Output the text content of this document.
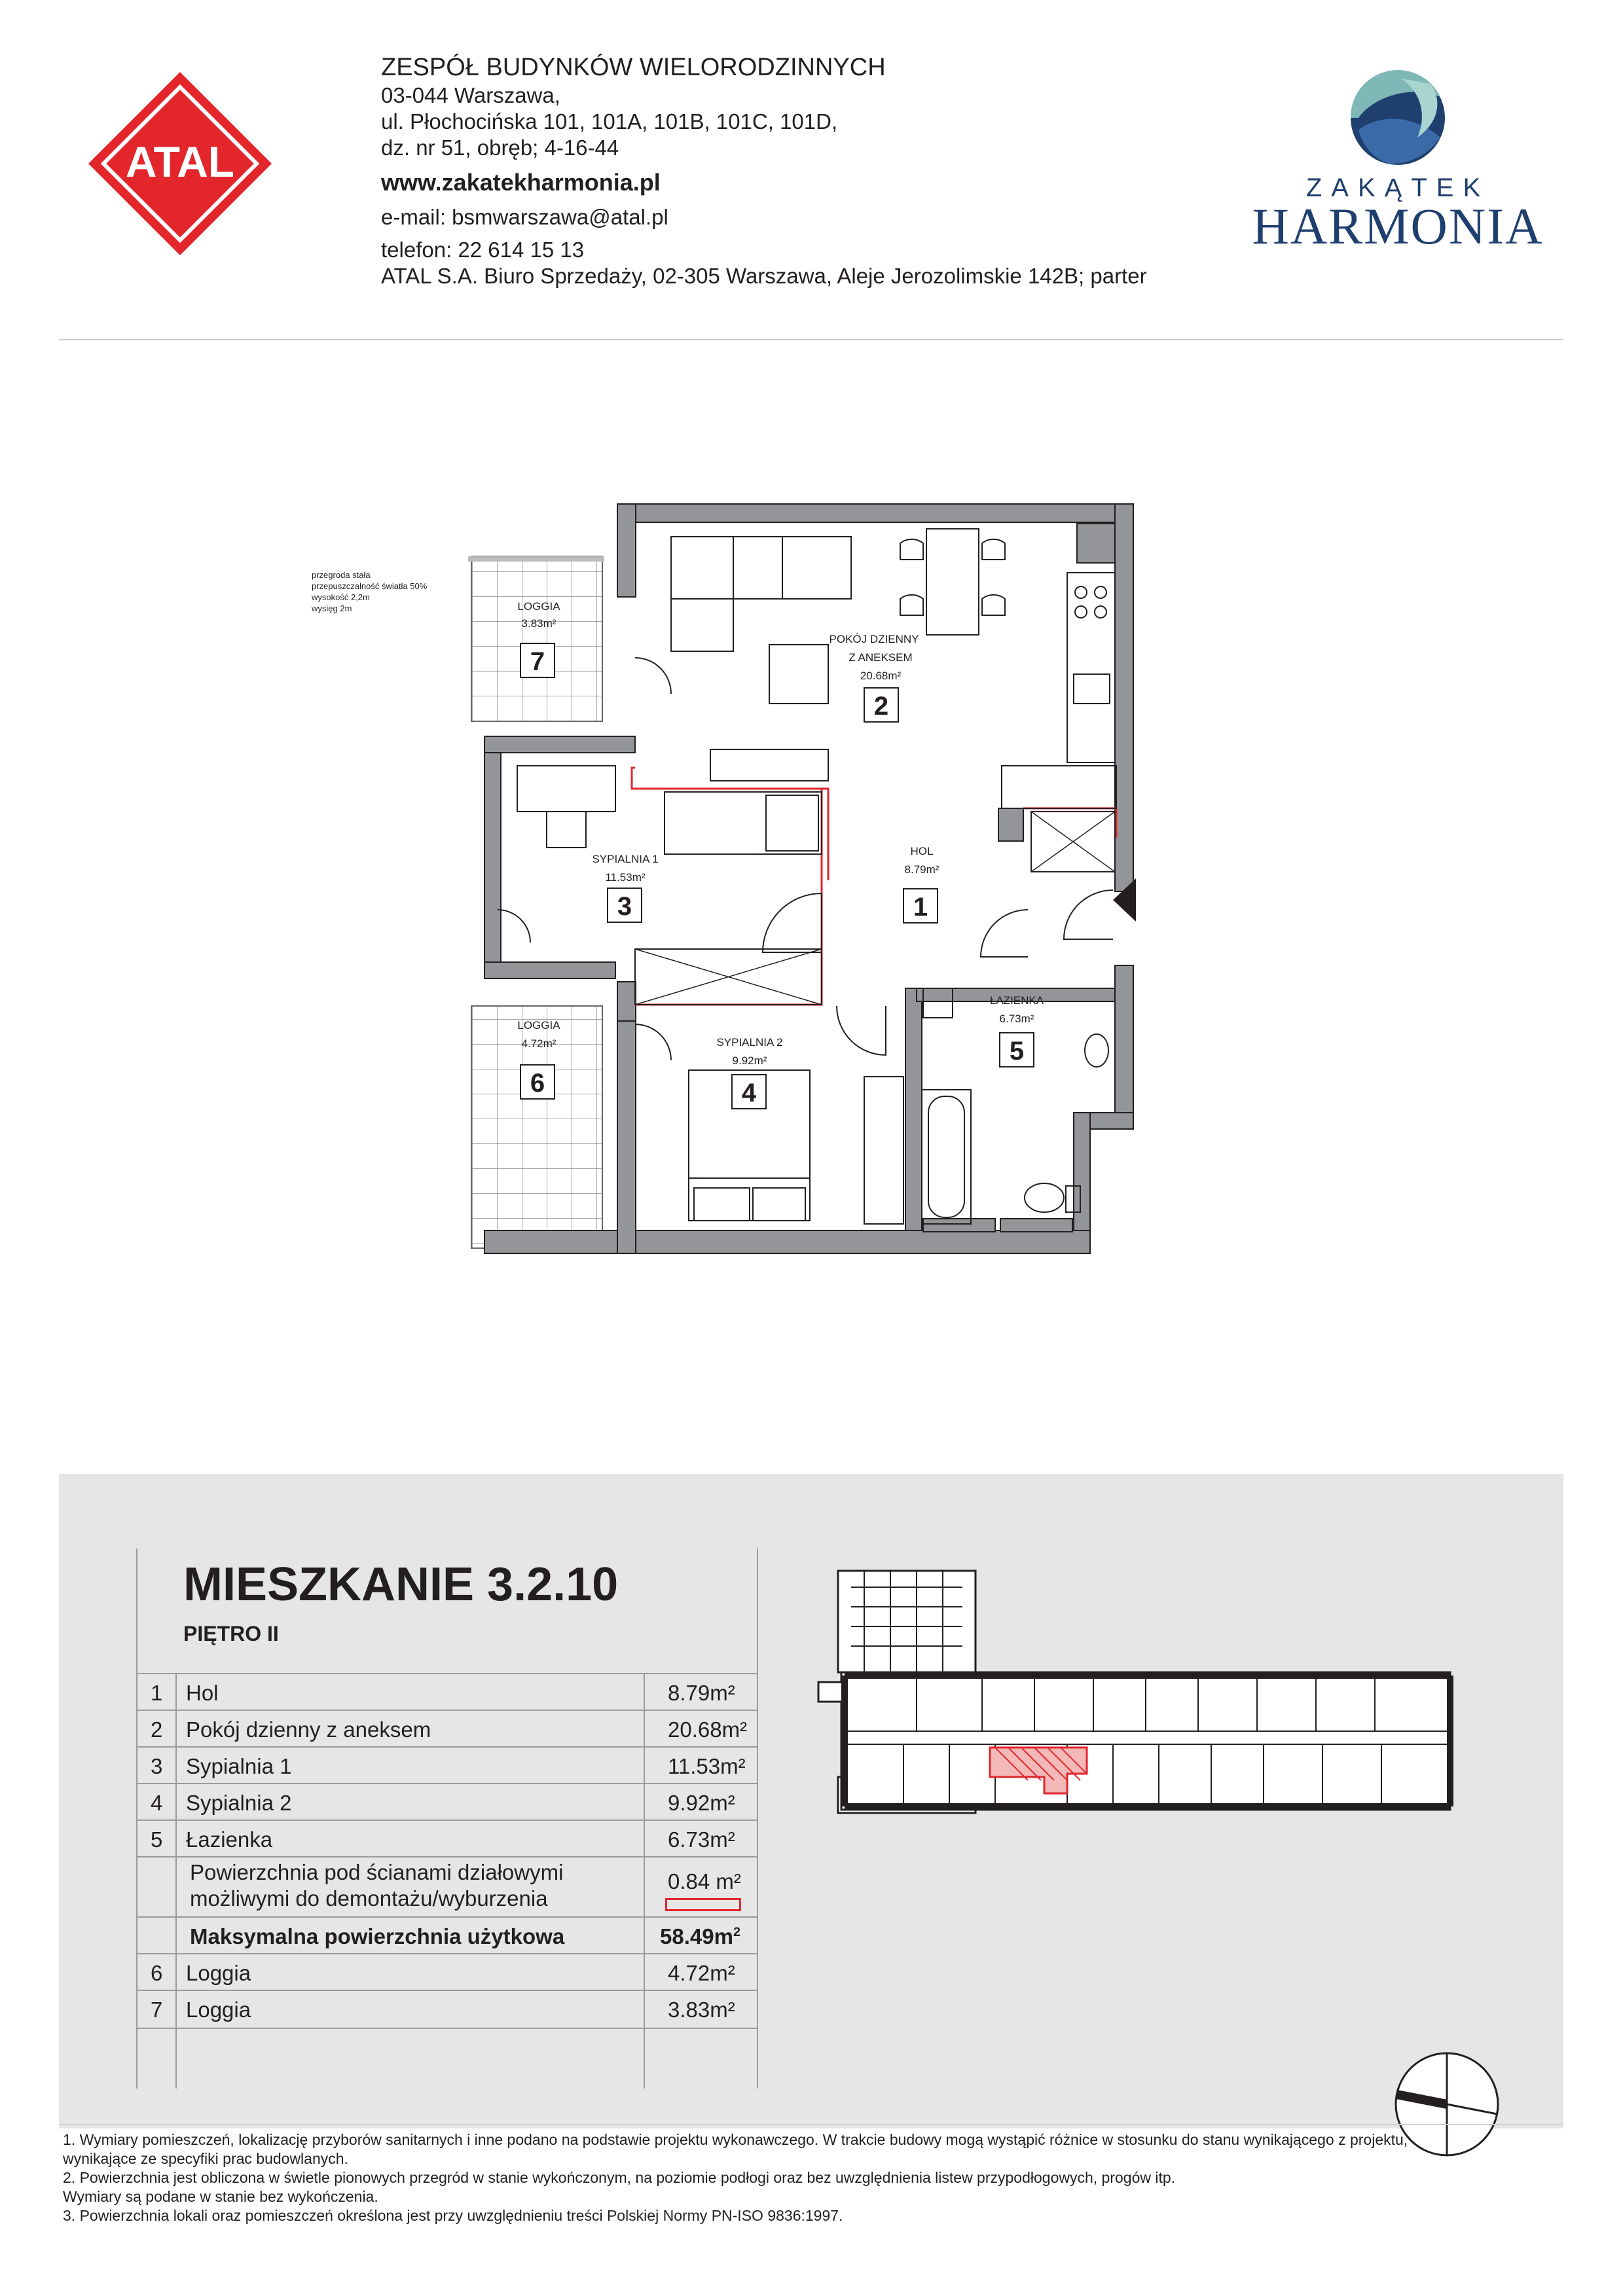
ATAL
ZESPÓŁ BUDYNKÓW WIELORODZINNYCH
03-044 Warszawa,
ul. Płochocińska 101, 101A, 101B, 101C, 101D,
dz. nr 51, obręb; 4-16-44
www.zakatekharmonia.pl
e-mail: bsmwarszawa@atal.pl
telefon: 22 614 15 13
ATAL S.A. Biuro Sprzedaży, 02-305 Warszawa, Aleje Jerozolimskie 142B; parter
ZAKĄTEK
HARMONIA
LOGGIA
3.83m²
POKÓJ DZIENNY
Z ANEKSEM
20.68m²
SYPIALNIA 1
11.53m²
HOL
8.79m²
ŁAZIENKA
6.73m²
LOGGIA
4.72m²	SYPIALNIA 2
9.92m²
przegroda stała
przepuszczalność światła 50%
wysokość 2,2m
wysięg 2m
7
2
3	1
4
5
6
MIESZKANIE 3.2.10
PIĘTRO II
1	Hol	8.79m²
2	Pokój dzienny z aneksem	20.68m²
3	Sypialnia 1	11.53m²
4	Sypialnia 2	9.92m²
5	Łazienka	6.73m²
Powierzchnia pod ścianami działowymi
możliwymi do demontażu/wyburzenia
0.84 m²
Maksymalna powierzchnia użytkowa	$58.49m^2$
6	Loggia	4.72m²
7	Loggia	3.83m²
1. Wymiary pomieszczeń, lokalizację przyborów sanitarnych i inne podano na podstawie projektu wykonawczego. W trakcie budowy mogą wystąpić różnice w stosunku do stanu wynikającego z projektu,
wynikające ze specyfiki prac budowlanych.
2. Powierzchnia jest obliczona w świetle pionowych przegród w stanie wykończonym, na poziomie podłogi oraz bez uwzględnienia listew przypodłogowych, progów itp.
Wymiary są podane w stanie bez wykończenia.
3. Powierzchnia lokali oraz pomieszczeń określona jest przy uwzględnieniu treści Polskiej Normy PN-ISO 9836:1997.
